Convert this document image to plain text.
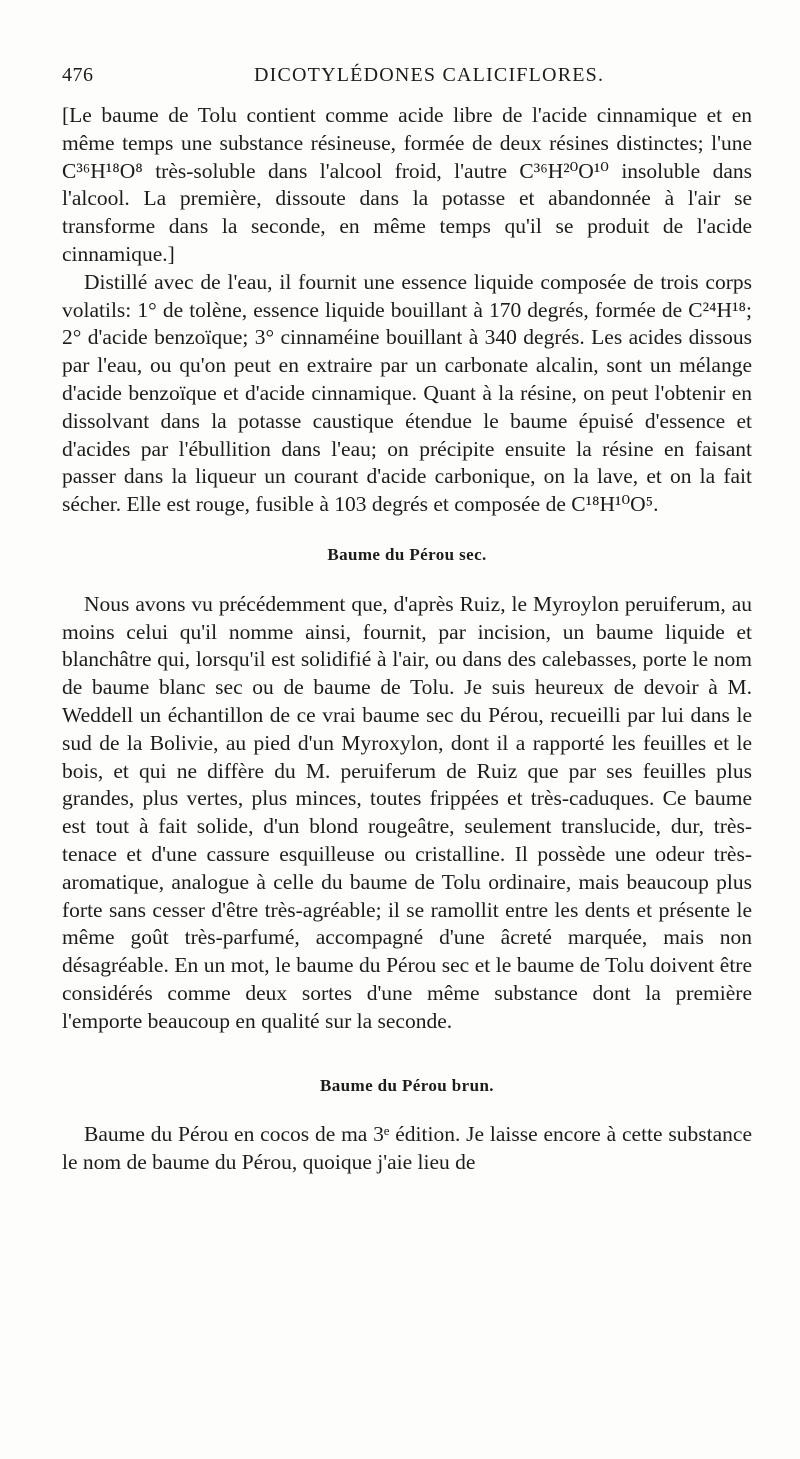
476	DICOTYLÉDONES CALICIFLORES.

[Le baume de Tolu contient comme acide libre de l'acide cinnamique et en même temps une substance résineuse, formée de deux résines distinctes; l'une C³⁶H¹⁸O⁸ très-soluble dans l'alcool froid, l'autre C³⁶H²⁰O¹⁰ insoluble dans l'alcool. La première, dissoute dans la potasse et abandonnée à l'air se transforme dans la seconde, en même temps qu'il se produit de l'acide cinnamique.]

Distillé avec de l'eau, il fournit une essence liquide composée de trois corps volatils: 1° de tolène, essence liquide bouillant à 170 degrés, formée de C²⁴H¹⁸; 2° d'acide benzoïque; 3° cinnaméine bouillant à 340 degrés. Les acides dissous par l'eau, ou qu'on peut en extraire par un carbonate alcalin, sont un mélange d'acide benzoïque et d'acide cinnamique. Quant à la résine, on peut l'obtenir en dissolvant dans la potasse caustique étendue le baume épuisé d'essence et d'acides par l'ébullition dans l'eau; on précipite ensuite la résine en faisant passer dans la liqueur un courant d'acide carbonique, on la lave, et on la fait sécher. Elle est rouge, fusible à 103 degrés et composée de C¹⁸H¹⁰O⁵.

Baume du Pérou sec.

Nous avons vu précédemment que, d'après Ruiz, le Myroylon peruiferum, au moins celui qu'il nomme ainsi, fournit, par incision, un baume liquide et blanchâtre qui, lorsqu'il est solidifié à l'air, ou dans des calebasses, porte le nom de baume blanc sec ou de baume de Tolu. Je suis heureux de devoir à M. Weddell un échantillon de ce vrai baume sec du Pérou, recueilli par lui dans le sud de la Bolivie, au pied d'un Myroxylon, dont il a rapporté les feuilles et le bois, et qui ne diffère du M. peruiferum de Ruiz que par ses feuilles plus grandes, plus vertes, plus minces, toutes frippées et très-caduques. Ce baume est tout à fait solide, d'un blond rougeâtre, seulement translucide, dur, très-tenace et d'une cassure esquilleuse ou cristalline. Il possède une odeur très-aromatique, analogue à celle du baume de Tolu ordinaire, mais beaucoup plus forte sans cesser d'être très-agréable; il se ramollit entre les dents et présente le même goût très-parfumé, accompagné d'une âcreté marquée, mais non désagréable. En un mot, le baume du Pérou sec et le baume de Tolu doivent être considérés comme deux sortes d'une même substance dont la première l'emporte beaucoup en qualité sur la seconde.

Baume du Pérou brun.

Baume du Pérou en cocos de ma 3ᵉ édition. Je laisse encore à cette substance le nom de baume du Pérou, quoique j'aie lieu de
